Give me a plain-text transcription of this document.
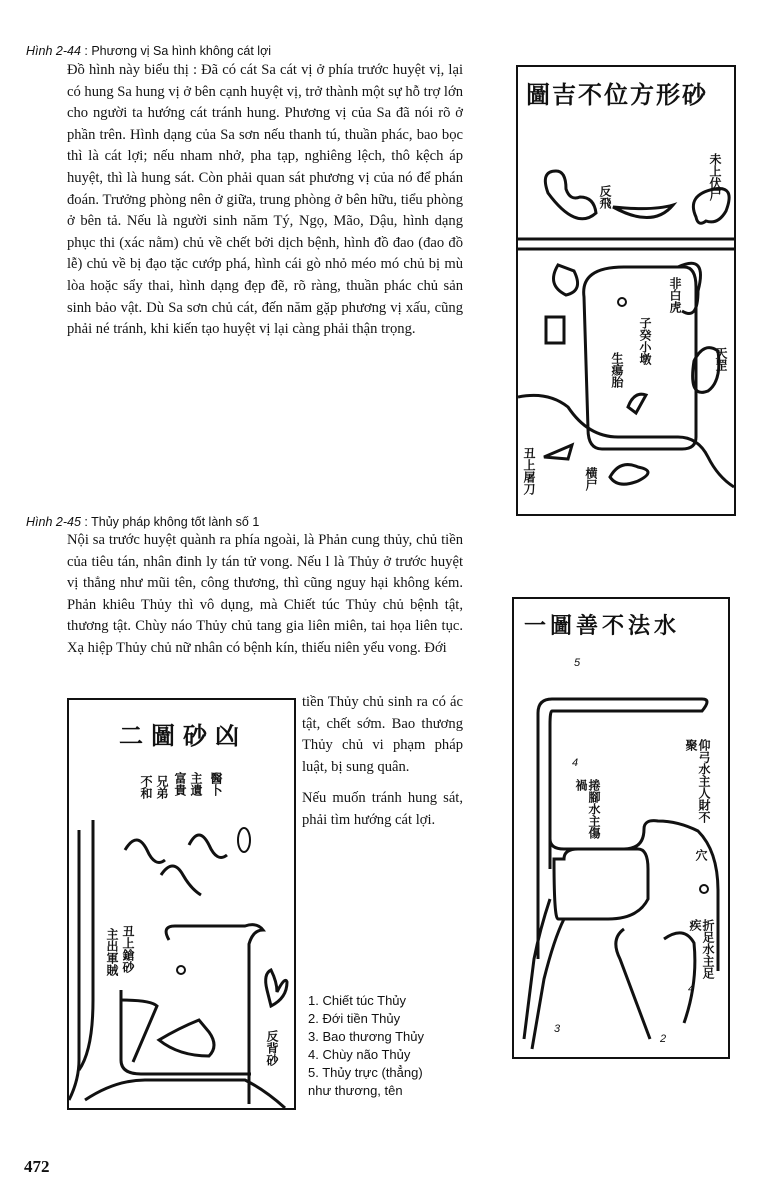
Hình 2-44 : Phương vị Sa hình không cát lợi

Đồ hình này biểu thị : Đã có cát Sa cát vị ở phía trước huyệt vị, lại có hung Sa hung vị ở bên cạnh huyệt vị, trở thành một sự hỗ trợ lớn cho người ta hướng cát tránh hung. Phương vị của Sa đã nói rõ ở phần trên. Hình dạng của Sa sơn nếu thanh tú, thuần phác, bao bọc thì là cát lợi; nếu nham nhở, pha tạp, nghiêng lệch, thô kệch áp huyệt, thì là hung sát. Còn phải quan sát phương vị của nó để phán đoán. Trưởng phòng nên ở giữa, trung phòng ở bên hữu, tiểu phòng ở bên tả. Nếu là người sinh năm Tý, Ngọ, Mão, Dậu, hình dạng phục thi (xác nằm) chủ về chết bởi dịch bệnh, hình đồ đao (đao đồ lễ) chủ về bị đạo tặc cướp phá, hình cái gò nhỏ méo mó chủ bị mù lòa hoặc sẩy thai, hình dạng đẹp đẽ, rõ ràng, thuần phác chủ sản sinh bảo vật. Dù Sa sơn chủ cát, đến năm gặp phương vị xấu, cũng phải né tránh, khi kiến tạo huyệt vị lại càng phải thận trọng.

圖吉不位方形砂
未上伏尸
反飛
子癸小墩
生瘍胎
非白虎
天罡
丑上屠刀	横尸
Hình 2-45 : Thủy pháp không tốt lành số 1

Nội sa trước huyệt quành ra phía ngoài, là Phản cung thủy, chủ tiền của tiêu tán, nhân đinh ly tán tử vong. Nếu l là Thủy ở trước huyệt vị thẳng như mũi tên, công thương, thì cũng nguy hại không kém. Phản khiêu Thủy thì vô dụng, mà Chiết túc Thủy chủ bệnh tật, thương tật. Chùy náo Thủy chủ tang gia liên miên, tai họa liên tục. Xạ hiệp Thủy chủ nữ nhân có bệnh kín, thiếu niên yểu vong. Đới

tiền Thủy chủ sinh ra có ác tật, chết sớm. Bao thương Thủy chủ vi phạm pháp luật, bị sung quân.

Nếu muốn tránh hung sát, phải tìm hướng cát lợi.

二圖砂凶
不和 兄弟 富貴 主遺 醫卜
丑上鎗砂
主出軍賊
反背砂
1. Chiết túc Thủy
2. Đới tiền Thủy
3. Bao thương Thủy
4. Chùy não Thủy
5. Thủy trực (thẳng)
như thương, tên
一圖善不法水
5
4
3
2
4
仰弓水主人財不聚
捲腳水主傷禍
穴
折足水主足疾
472
